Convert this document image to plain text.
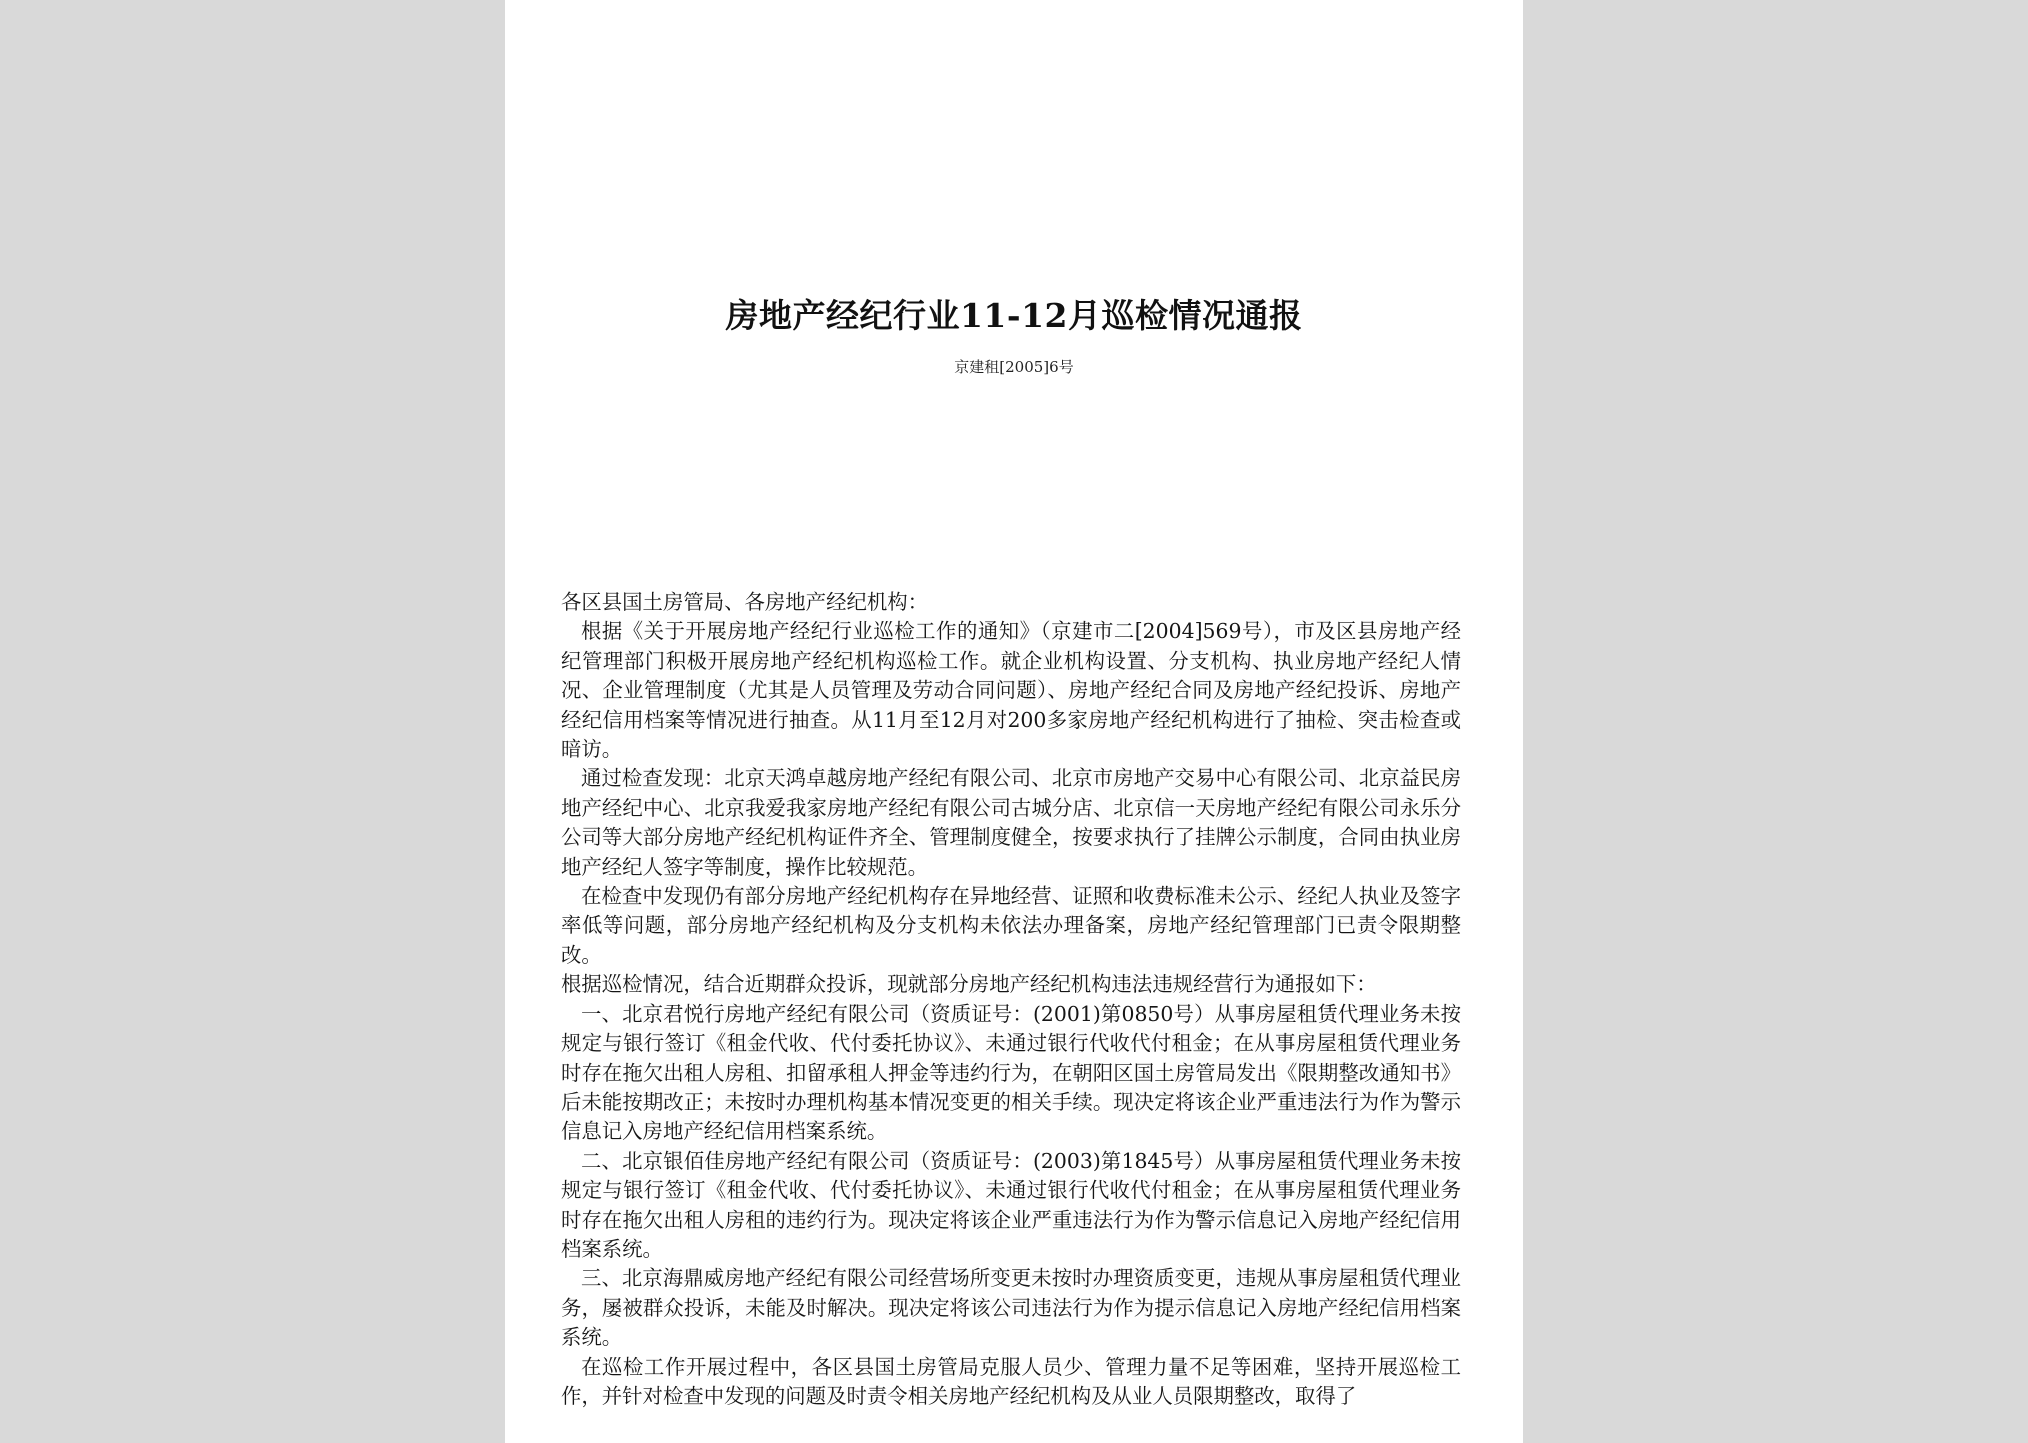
房地产经纪行业11-12月巡检情况通报
京建租[2005]6号

各区县国土房管局、各房地产经纪机构：

根据《关于开展房地产经纪行业巡检工作的通知》（京建市二[2004]569号），市及区县房地产经纪管理部门积极开展房地产经纪机构巡检工作。就企业机构设置、分支机构、执业房地产经纪人情况、企业管理制度（尤其是人员管理及劳动合同问题）、房地产经纪合同及房地产经纪投诉、房地产经纪信用档案等情况进行抽查。从11月至12月对200多家房地产经纪机构进行了抽检、突击检查或暗访。

通过检查发现：北京天鸿卓越房地产经纪有限公司、北京市房地产交易中心有限公司、北京益民房地产经纪中心、北京我爱我家房地产经纪有限公司古城分店、北京信一天房地产经纪有限公司永乐分公司等大部分房地产经纪机构证件齐全、管理制度健全，按要求执行了挂牌公示制度，合同由执业房地产经纪人签字等制度，操作比较规范。

在检查中发现仍有部分房地产经纪机构存在异地经营、证照和收费标准未公示、经纪人执业及签字率低等问题，部分房地产经纪机构及分支机构未依法办理备案，房地产经纪管理部门已责令限期整改。

根据巡检情况，结合近期群众投诉，现就部分房地产经纪机构违法违规经营行为通报如下：

一、北京君悦行房地产经纪有限公司（资质证号：(2001)第0850号）从事房屋租赁代理业务未按规定与银行签订《租金代收、代付委托协议》、未通过银行代收代付租金；在从事房屋租赁代理业务时存在拖欠出租人房租、扣留承租人押金等违约行为，在朝阳区国土房管局发出《限期整改通知书》后未能按期改正；未按时办理机构基本情况变更的相关手续。现决定将该企业严重违法行为作为警示信息记入房地产经纪信用档案系统。

二、北京银佰佳房地产经纪有限公司（资质证号：(2003)第1845号）从事房屋租赁代理业务未按规定与银行签订《租金代收、代付委托协议》、未通过银行代收代付租金；在从事房屋租赁代理业务时存在拖欠出租人房租的违约行为。现决定将该企业严重违法行为作为警示信息记入房地产经纪信用档案系统。

三、北京海鼎威房地产经纪有限公司经营场所变更未按时办理资质变更，违规从事房屋租赁代理业务，屡被群众投诉，未能及时解决。现决定将该公司违法行为作为提示信息记入房地产经纪信用档案系统。

在巡检工作开展过程中，各区县国土房管局克服人员少、管理力量不足等困难，坚持开展巡检工作，并针对检查中发现的问题及时责令相关房地产经纪机构及从业人员限期整改，取得了
